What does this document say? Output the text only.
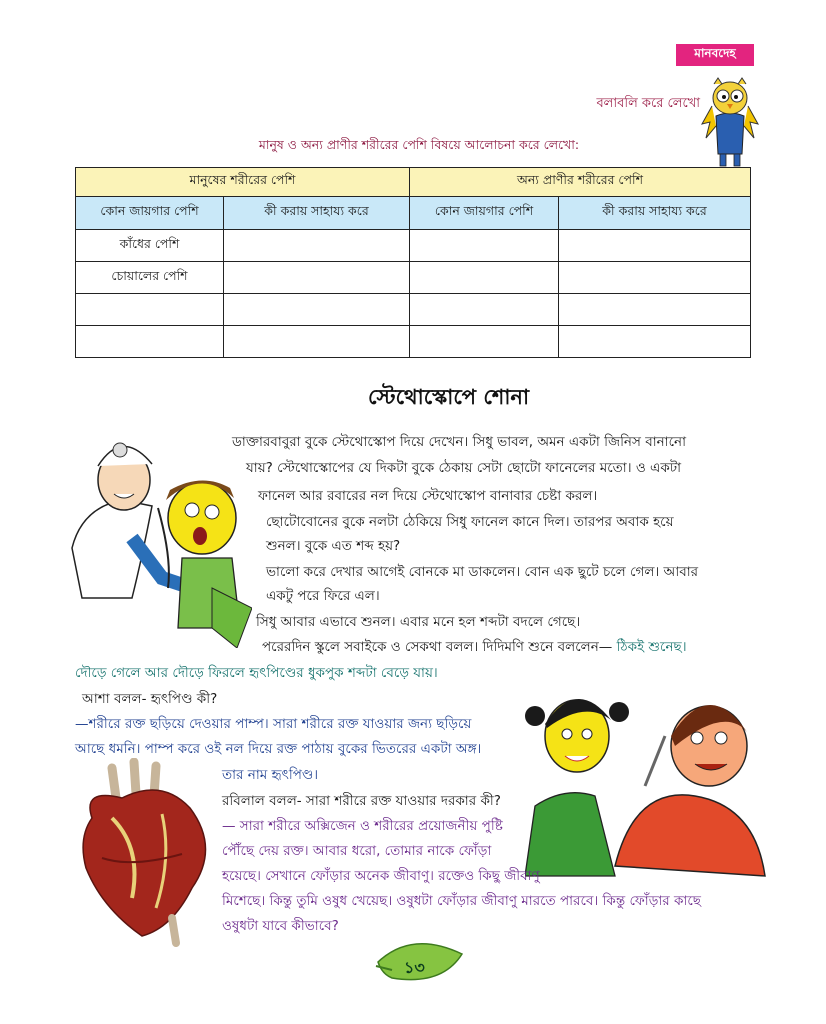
মানবদেহ
বলাবলি করে লেখো
মানুষ ও অন্য প্রাণীর শরীরের পেশি বিষয়ে আলোচনা করে লেখো:
মানুষের শরীরের পেশি		অন্য প্রাণীর শরীরের পেশি	
কোন জায়গার পেশি	কী করায় সাহায্য করে	কোন জায়গার পেশি	কী করায় সাহায্য করে
কাঁধের পেশি			
চোয়ালের পেশি			

স্টেথোস্কোপে শোনা
ডাক্তারবাবুরা বুকে স্টেথোস্কোপ দিয়ে দেখেন। সিধু ভাবল, অমন একটা জিনিস বানানো
যায়? স্টেথোস্কোপের যে দিকটা বুকে ঠেকায় সেটা ছোটো ফানেলের মতো। ও একটা
ফানেল আর রবারের নল দিয়ে স্টেথোস্কোপ বানাবার চেষ্টা করল।
ছোটোবোনের বুকে নলটা ঠেকিয়ে সিধু ফানেল কানে দিল। তারপর অবাক হয়ে
শুনল। বুকে এত শব্দ হয়?
ভালো করে দেখার আগেই বোনকে মা ডাকলেন। বোন এক ছুটে চলে গেল। আবার
একটু পরে ফিরে এল।
সিধু আবার এভাবে শুনল। এবার মনে হল শব্দটা বদলে গেছে।
পরেরদিন স্কুলে সবাইকে ও সেকথা বলল। দিদিমণি শুনে বললেন— ঠিকই শুনেছ।
দৌড়ে গেলে আর দৌড়ে ফিরলে হৃৎপিণ্ডের ধুকপুক শব্দটা বেড়ে যায়।
আশা বলল- হৃৎপিণ্ড কী?
—শরীরে রক্ত ছড়িয়ে দেওয়ার পাম্প। সারা শরীরে রক্ত যাওয়ার জন্য ছড়িয়ে
আছে ধমনি। পাম্প করে ওই নল দিয়ে রক্ত পাঠায় বুকের ভিতরের একটা অঙ্গ।
তার নাম হৃৎপিণ্ড।
রবিলাল বলল- সারা শরীরে রক্ত যাওয়ার দরকার কী?
— সারা শরীরে অক্সিজেন ও শরীরের প্রয়োজনীয় পুষ্টি
পৌঁছে দেয় রক্ত। আবার ধরো, তোমার নাকে ফোঁড়া
হয়েছে। সেখানে ফোঁড়ার অনেক জীবাণু। রক্তেও কিছু জীবাণু
মিশেছে। কিন্তু তুমি ওষুধ খেয়েছ। ওষুধটা ফোঁড়ার জীবাণু মারতে পারবে। কিন্তু ফোঁড়ার কাছে
ওষুধটা যাবে কীভাবে?
১৩
